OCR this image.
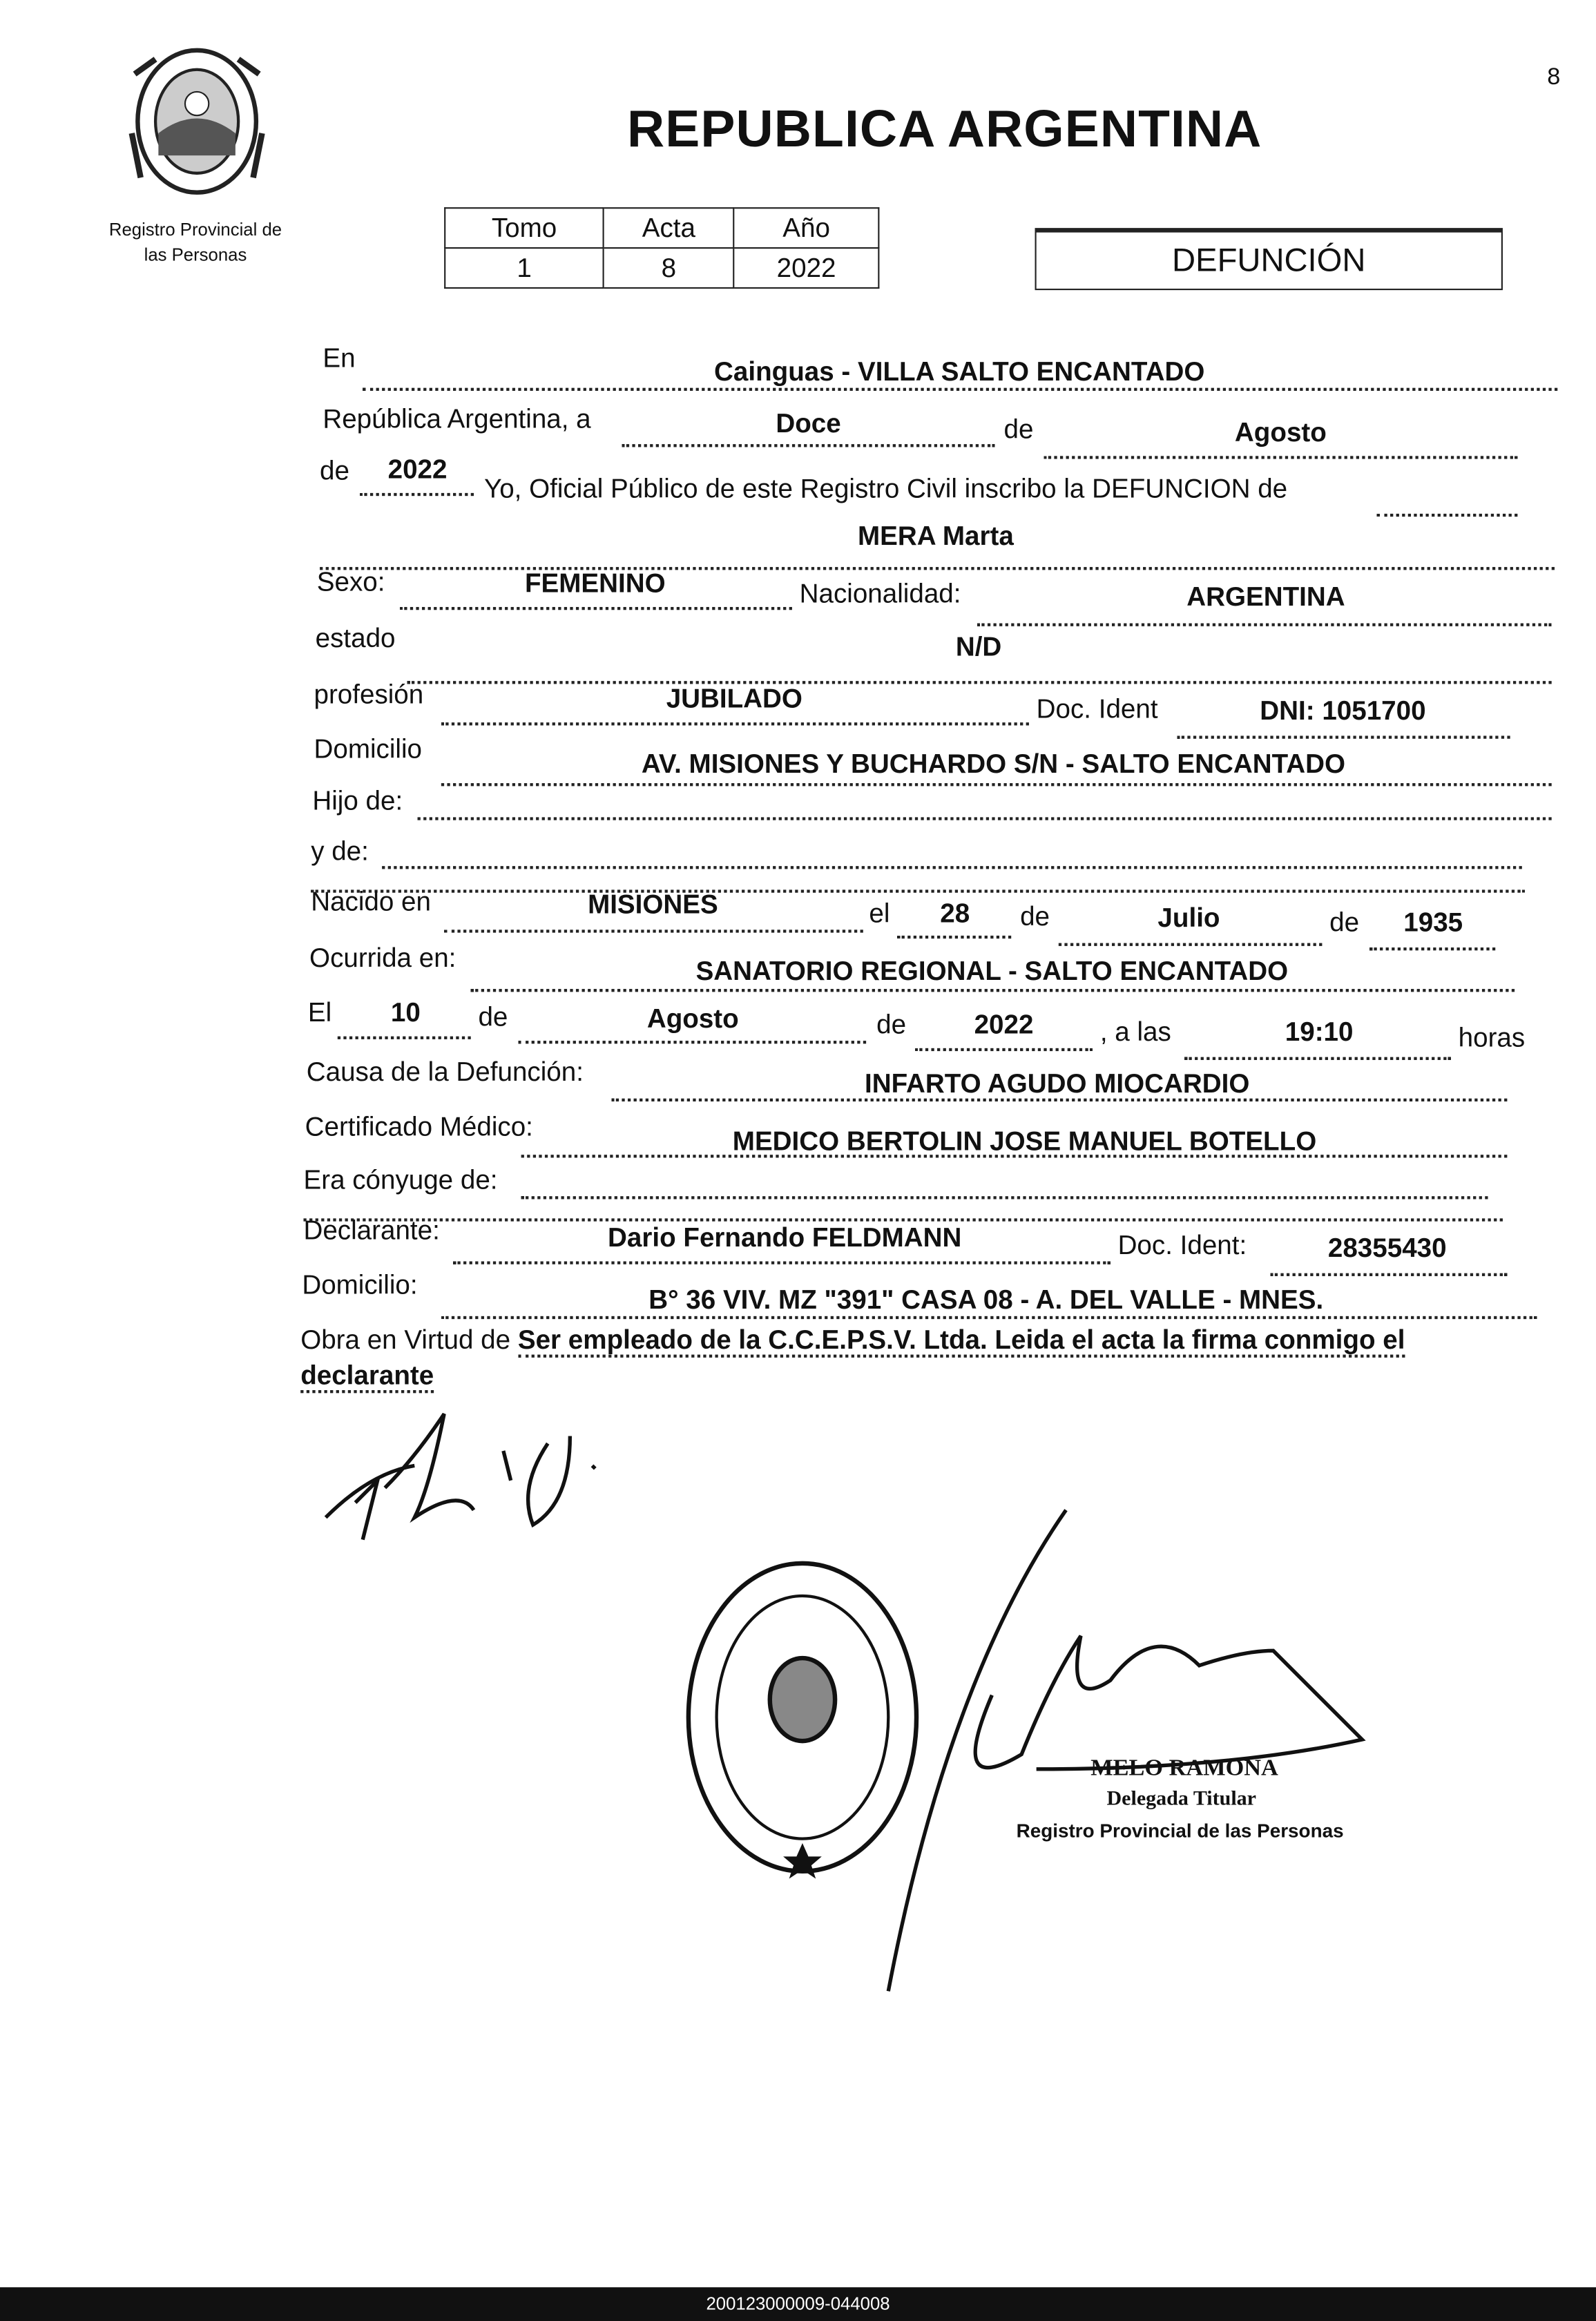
Registro Provincial de
las Personas
REPUBLICA ARGENTINA
8
Tomo	Acta	Año
1	8	2022	DEFUNCIÓN
En	Cainguas - VILLA SALTO ENCANTADO
República Argentina, a	Doce	de	Agosto
de	2022
Yo, Oficial Público de este Registro Civil inscribo la DEFUNCION de
MERA Marta
Sexo:	FEMENINO	Nacionalidad:	ARGENTINA
estado	N/D
profesión	JUBILADO	Doc. Ident	DNI: 1051700
Domicilio	AV. MISIONES Y BUCHARDO S/N - SALTO ENCANTADO
Hijo de:
y de:
Nacido en	MISIONES	el	28	de	Julio	de	1935
Ocurrida en:	SANATORIO REGIONAL - SALTO ENCANTADO
El	10	de	Agosto	de	2022	, a las	19:10	horas
Causa de la Defunción:	INFARTO AGUDO MIOCARDIO
Certificado Médico:	MEDICO BERTOLIN JOSE MANUEL BOTELLO
Era cónyuge de:
Declarante:	Dario Fernando FELDMANN	Doc. Ident:	28355430
Domicilio:	B° 36 VIV. MZ "391" CASA 08 - A. DEL VALLE - MNES.
Obra en Virtud de Ser empleado de la C.C.E.P.S.V. Ltda. Leida el acta la firma conmigo el declarante
MELO RAMONA
Delegada Titular
Registro Provincial de las Personas
200123000009-044008
